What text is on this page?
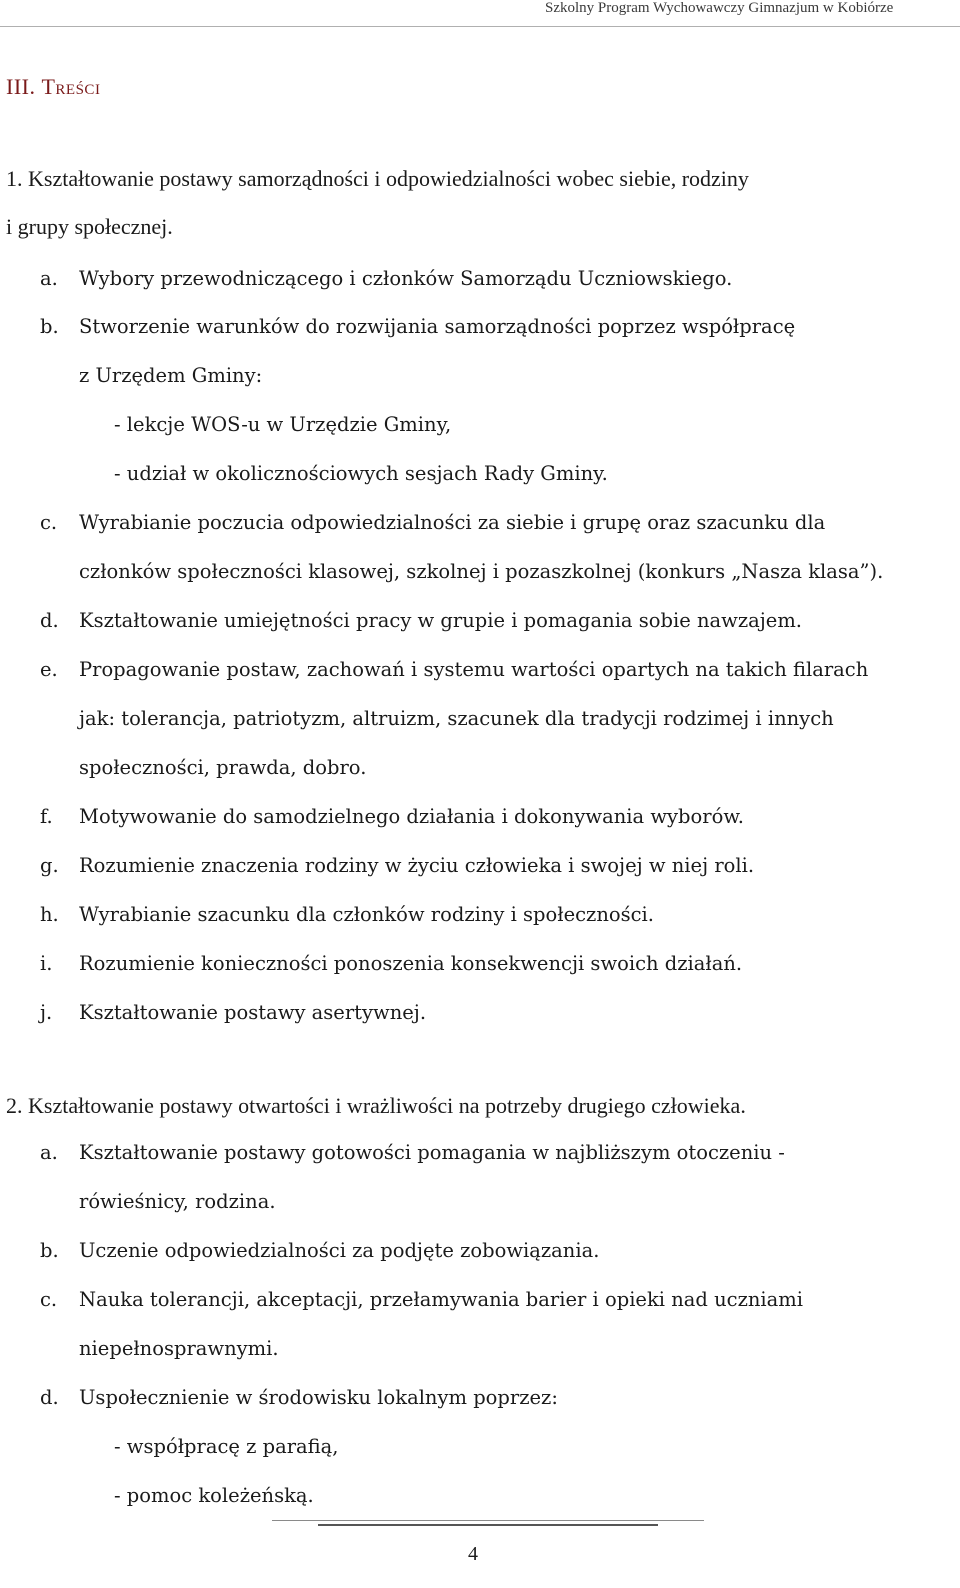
Szkolny Program Wychowawczy Gimnazjum w Kobiórze
III. Treści
1. Kształtowanie postawy samorządności i odpowiedzialności wobec siebie, rodziny
i grupy społecznej.
a. Wybory przewodniczącego i członków Samorządu Uczniowskiego.
b. Stworzenie warunków do rozwijania samorządności poprzez współpracę
z Urzędem Gminy:
- lekcje WOS-u w Urzędzie Gminy,
- udział w okolicznościowych sesjach Rady Gminy.
c. Wyrabianie poczucia odpowiedzialności za siebie i grupę oraz szacunku dla
członków społeczności klasowej, szkolnej i pozaszkolnej (konkurs „Nasza klasa”).
d. Kształtowanie umiejętności pracy w grupie i pomagania sobie nawzajem.
e. Propagowanie postaw, zachowań i systemu wartości opartych na takich filarach
jak: tolerancja, patriotyzm, altruizm, szacunek dla tradycji rodzimej i innych
społeczności, prawda, dobro.
f. Motywowanie do samodzielnego działania i dokonywania wyborów.
g. Rozumienie znaczenia rodziny w życiu człowieka i swojej w niej roli.
h. Wyrabianie szacunku dla członków rodziny i społeczności.
i. Rozumienie konieczności ponoszenia konsekwencji swoich działań.
j. Kształtowanie postawy asertywnej.
2. Kształtowanie postawy otwartości i wrażliwości na potrzeby drugiego człowieka.
a. Kształtowanie postawy gotowości pomagania w najbliższym otoczeniu -
rówieśnicy, rodzina.
b. Uczenie odpowiedzialności za podjęte zobowiązania.
c. Nauka tolerancji, akceptacji, przełamywania barier i opieki nad uczniami
niepełnosprawnymi.
d. Uspołecznienie w środowisku lokalnym poprzez:
- współpracę z parafią,
- pomoc koleżeńską.
4
